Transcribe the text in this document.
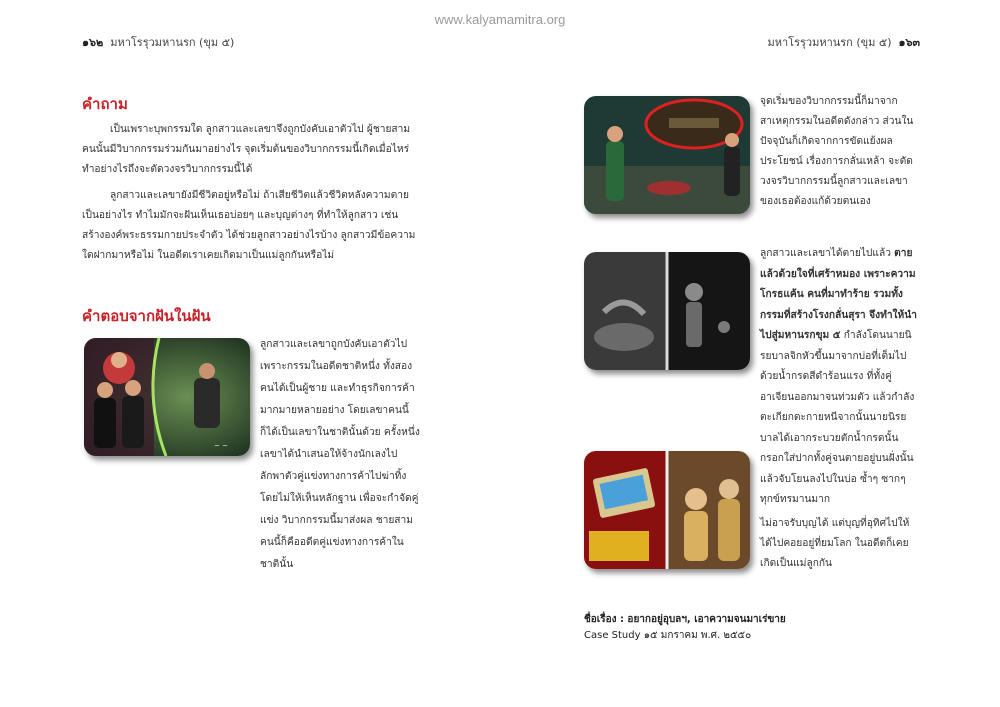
www.kalyamamitra.org
๑๖๒ มหาโรรุวมหานรก (ขุม ๕)	มหาโรรุวมหานรก (ขุม ๕) ๑๖๓
คำถาม
เป็นเพราะบุพกรรมใด ลูกสาวและเลขาจึงถูกบังคับเอาตัวไป ผู้ชายสามคนนั้นมีวิบากกรรมร่วมกันมาอย่างไร จุดเริ่มต้นของวิบากกรรมนี้เกิดเมื่อไหร่ ทำอย่างไรถึงจะตัดวงจรวิบากกรรมนี้ได้
ลูกสาวและเลขายังมีชีวิตอยู่หรือไม่ ถ้าเสียชีวิตแล้วชีวิตหลังความตายเป็นอย่างไร ทำไมมักจะฝันเห็นเธอบ่อยๆ และบุญต่างๆ ที่ทำให้ลูกสาว เช่น สร้างองค์พระธรรมกายประจำตัว ได้ช่วยลูกสาวอย่างไรบ้าง ลูกสาวมีข้อความใดฝากมาหรือไม่ ในอดีตเราเคยเกิดมาเป็นแม่ลูกกันหรือไม่
คำตอบจากฝันในฝัน
~ ~
ลูกสาวและเลขาถูกบังคับเอาตัวไปเพราะกรรมในอดีตชาติหนึ่ง ทั้งสองคนได้เป็นผู้ชาย และทำธุรกิจการค้ามากมายหลายอย่าง โดยเลขาคนนี้ก็ได้เป็นเลขาในชาตินั้นด้วย ครั้งหนึ่งเลขาได้นำเสนอให้จ้างนักเลงไปลักพาตัวคู่แข่งทางการค้าไปฆ่าทิ้ง โดยไม่ให้เห็นหลักฐาน เพื่อจะกำจัดคู่แข่ง วิบากกรรมนี้มาส่งผล ชายสามคนนี้ก็คืออดีตคู่แข่งทางการค้าในชาตินั้น
จุดเริ่มของวิบากกรรมนี้ก็มาจากสาเหตุกรรมในอดีตดังกล่าว ส่วนในปัจจุบันก็เกิดจากการขัดแย้งผลประโยชน์ เรื่องการกลั่นเหล้า จะตัดวงจรวิบากกรรมนี้ลูกสาวและเลขาของเธอต้องแก้ด้วยตนเอง
ลูกสาวและเลขาได้ตายไปแล้ว ตายแล้วด้วยใจที่เศร้าหมอง เพราะความโกรธแค้น คนที่มาทำร้าย รวมทั้งกรรมที่สร้างโรงกลั่นสุรา จึงทำให้นำไปสู่มหานรกขุม ๕ กำลังโดนนายนิรยบาลจิกหัวขึ้นมาจากบ่อที่เต็มไปด้วยน้ำกรดสีดำร้อนแรง ที่ทั้งคู่อาเจียนออกมาจนท่วมตัว แล้วกำลังตะเกียกตะกายหนีจากนั้นนายนิรยบาลได้เอากระบวยตักน้ำกรดนั้นกรอกใส่ปากทั้งคู่จนตายอยู่บนฝั่งนั้น แล้วจับโยนลงไปในบ่อ ซ้ำๆ ซากๆ ทุกข์ทรมานมาก
ไม่อาจรับบุญได้ แต่บุญที่อุทิศไปให้ ได้ไปคอยอยู่ที่ยมโลก ในอดีตก็เคยเกิดเป็นแม่ลูกกัน
ชื่อเรื่อง : อยากอยู่อุบลฯ, เอาความจนมาเร่ขาย
Case Study ๑๕ มกราคม พ.ศ. ๒๕๕๐
